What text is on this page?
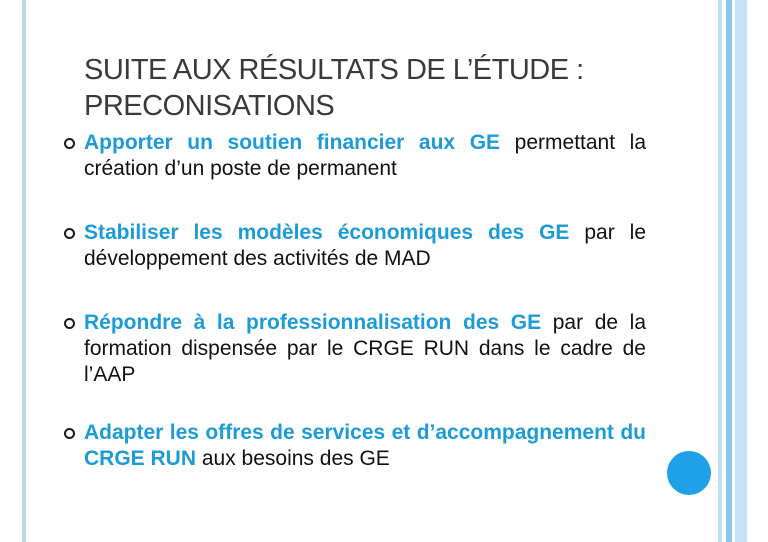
SUITE AUX RÉSULTATS DE L’ÉTUDE :
PRECONISATIONS
Apporter un soutien financier aux GE permettant la création d’un poste de permanent
Stabiliser les modèles économiques des GE par le développement des activités de MAD
Répondre à la professionnalisation des GE par de la formation dispensée par le CRGE RUN dans le cadre de l’AAP
Adapter les offres de services et d’accompagnement du CRGE RUN aux besoins des GE
